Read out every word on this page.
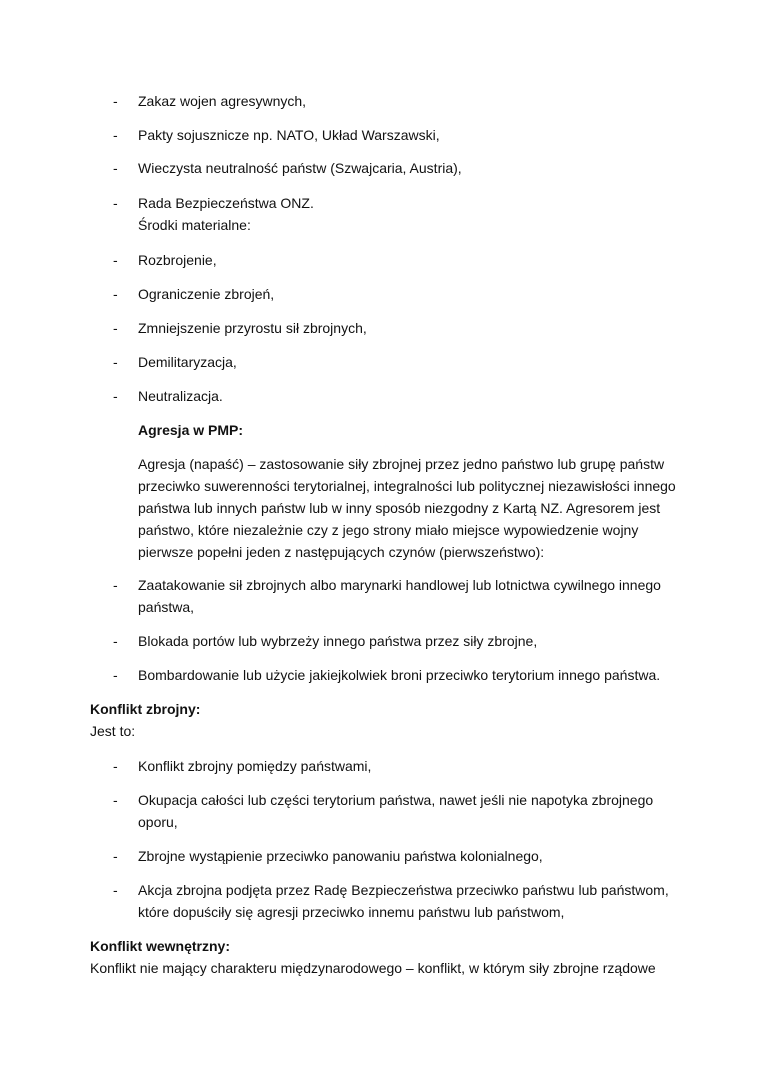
-	Zakaz wojen agresywnych,
-	Pakty sojusznicze np. NATO, Układ Warszawski,
-	Wieczysta neutralność państw (Szwajcaria, Austria),
-	Rada Bezpieczeństwa ONZ.
Środki materialne:
-	Rozbrojenie,
-	Ograniczenie zbrojeń,
-	Zmniejszenie przyrostu sił zbrojnych,
-	Demilitaryzacja,
-	Neutralizacja.
Agresja w PMP:
Agresja (napaść) – zastosowanie siły zbrojnej przez jedno państwo lub grupę państw
przeciwko suwerenności terytorialnej, integralności lub politycznej niezawisłości innego
państwa lub innych państw lub w inny sposób niezgodny z Kartą NZ. Agresorem jest
państwo, które niezależnie czy z jego strony miało miejsce wypowiedzenie wojny
pierwsze popełni jeden z następujących czynów (pierwszeństwo):
-	Zaatakowanie sił zbrojnych albo marynarki handlowej lub lotnictwa cywilnego innego
państwa,
-	Blokada portów lub wybrzeży innego państwa przez siły zbrojne,
-	Bombardowanie lub użycie jakiejkolwiek broni przeciwko terytorium innego państwa.
Konflikt zbrojny:
Jest to:
-	Konflikt zbrojny pomiędzy państwami,
-	Okupacja całości lub części terytorium państwa, nawet jeśli nie napotyka zbrojnego
oporu,
-	Zbrojne wystąpienie przeciwko panowaniu państwa kolonialnego,
-	Akcja zbrojna podjęta przez Radę Bezpieczeństwa przeciwko państwu lub państwom,
które dopuściły się agresji przeciwko innemu państwu lub państwom,
Konflikt wewnętrzny:
Konflikt nie mający charakteru międzynarodowego – konflikt, w którym siły zbrojne rządowe
